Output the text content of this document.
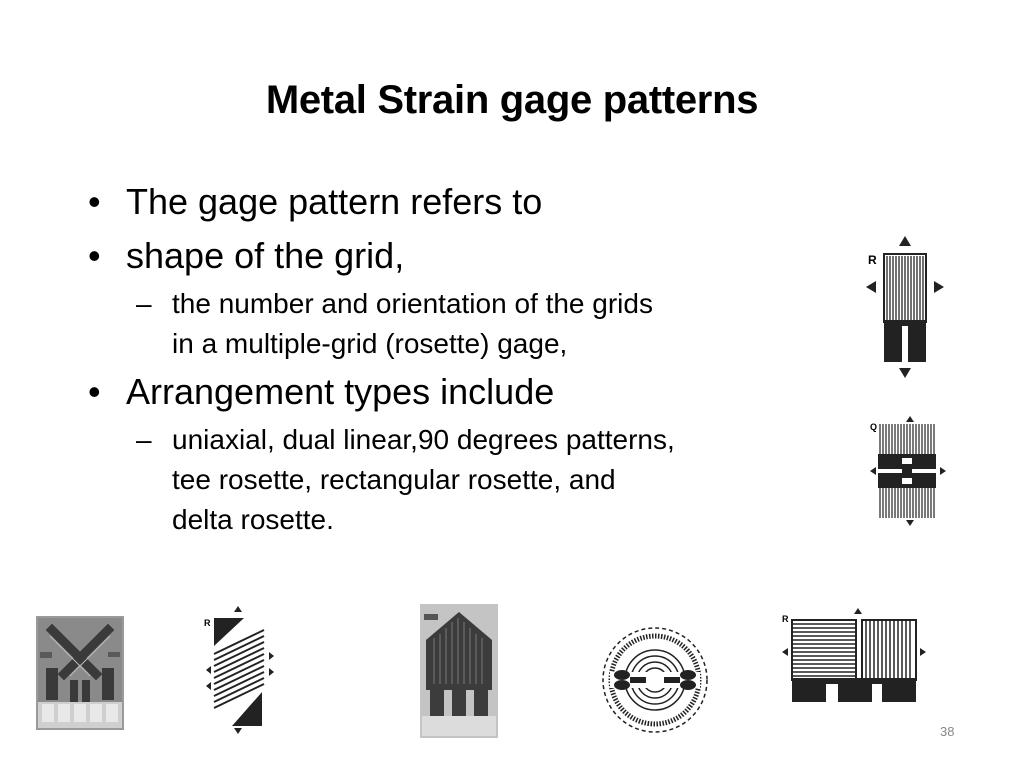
Metal Strain gage patterns
• The gage pattern refers to
• shape of the grid,
– the number and orientation of the grids
in a multiple-grid (rosette) gage,
• Arrangement types include
– uniaxial, dual linear,90 degrees patterns,
tee rosette, rectangular rosette, and
delta rosette.
R
Q
R	R
38
